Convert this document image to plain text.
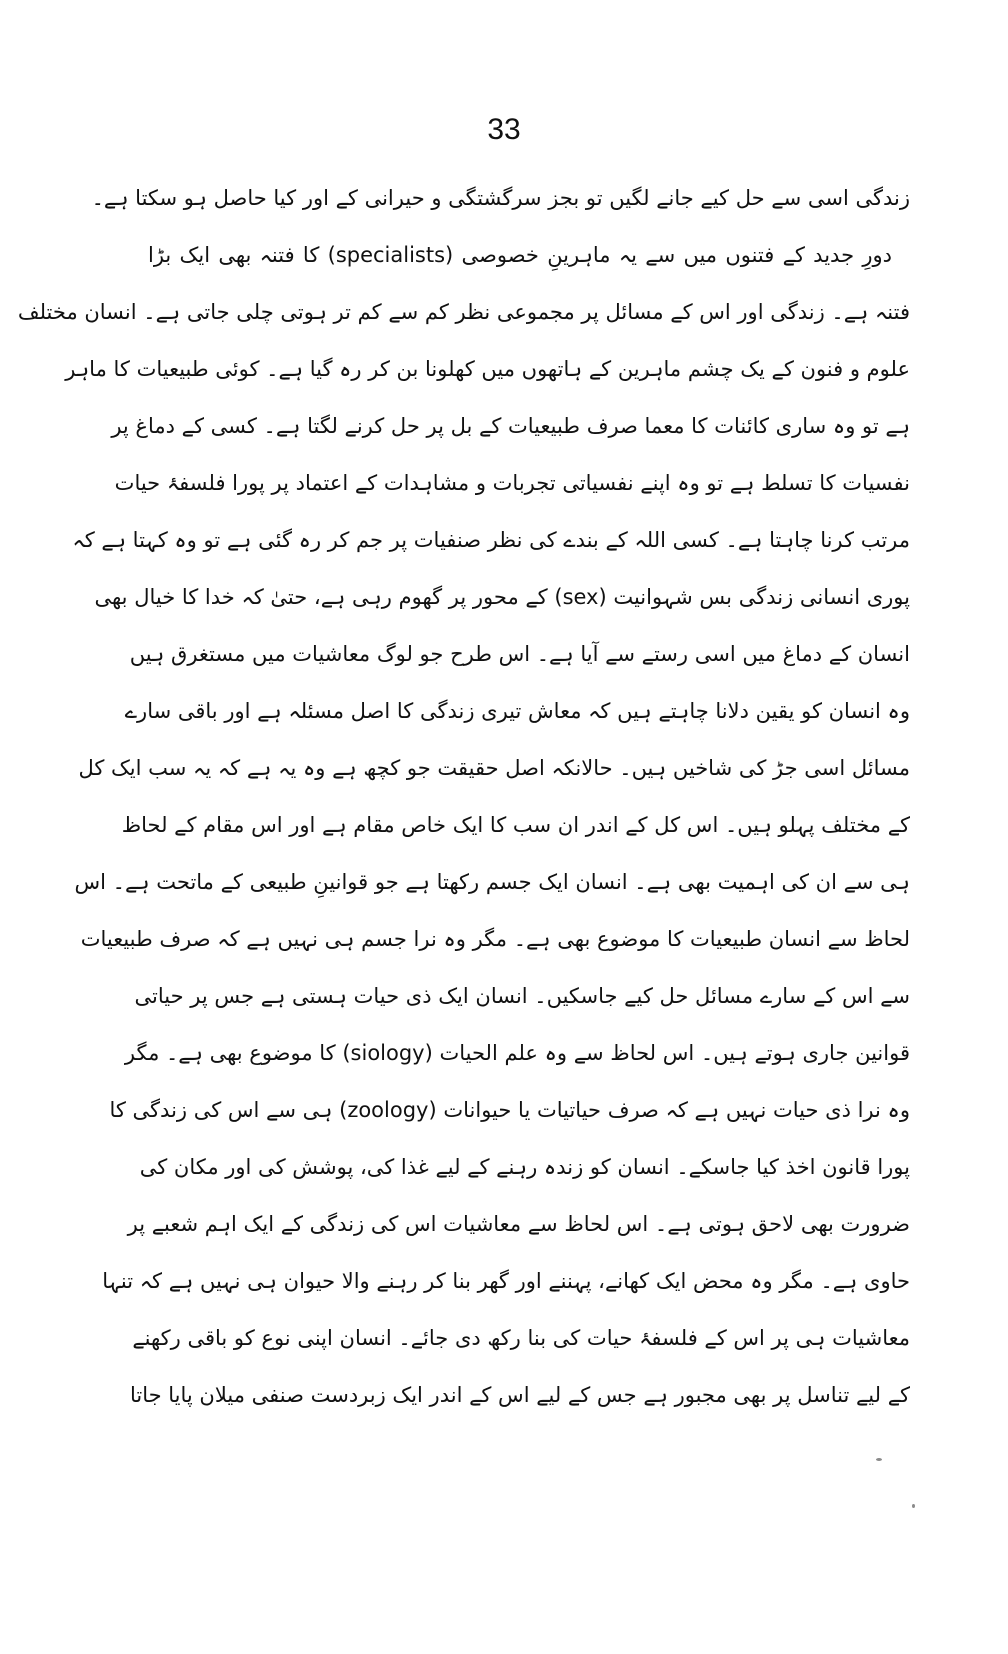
33
زندگی اسی سے حل کیے جانے لگیں تو بجز سرگشتگی و حیرانی کے اور کیا حاصل ہو سکتا ہے۔
دورِ جدید کے فتنوں میں سے یہ ماہرینِ خصوصی (specialists) کا فتنہ بھی ایک بڑا
فتنہ ہے۔ زندگی اور اس کے مسائل پر مجموعی نظر کم سے کم تر ہوتی چلی جاتی ہے۔ انسان مختلف
علوم و فنون کے یک چشم ماہرین کے ہاتھوں میں کھلونا بن کر رہ گیا ہے۔ کوئی طبیعیات کا ماہر
ہے تو وہ ساری کائنات کا معما صرف طبیعیات کے بل پر حل کرنے لگتا ہے۔ کسی کے دماغ پر
نفسیات کا تسلط ہے تو وہ اپنے نفسیاتی تجربات و مشاہدات کے اعتماد پر پورا فلسفۂ حیات
مرتب کرنا چاہتا ہے۔ کسی اللہ کے بندے کی نظر صنفیات پر جم کر رہ گئی ہے تو وہ کہتا ہے کہ
پوری انسانی زندگی بس شہوانیت (sex) کے محور پر گھوم رہی ہے، حتیٰ کہ خدا کا خیال بھی
انسان کے دماغ میں اسی رستے سے آیا ہے۔ اس طرح جو لوگ معاشیات میں مستغرق ہیں
وہ انسان کو یقین دلانا چاہتے ہیں کہ معاش تیری زندگی کا اصل مسئلہ ہے اور باقی سارے
مسائل اسی جڑ کی شاخیں ہیں۔ حالانکہ اصل حقیقت جو کچھ ہے وہ یہ ہے کہ یہ سب ایک کل
کے مختلف پہلو ہیں۔ اس کل کے اندر ان سب کا ایک خاص مقام ہے اور اس مقام کے لحاظ
ہی سے ان کی اہمیت بھی ہے۔ انسان ایک جسم رکھتا ہے جو قوانینِ طبیعی کے ماتحت ہے۔ اس
لحاظ سے انسان طبیعیات کا موضوع بھی ہے۔ مگر وہ نرا جسم ہی نہیں ہے کہ صرف طبیعیات
سے اس کے سارے مسائل حل کیے جاسکیں۔ انسان ایک ذی حیات ہستی ہے جس پر حیاتی
قوانین جاری ہوتے ہیں۔ اس لحاظ سے وہ علم الحیات (siology) کا موضوع بھی ہے۔ مگر
وہ نرا ذی حیات نہیں ہے کہ صرف حیاتیات یا حیوانات (zoology) ہی سے اس کی زندگی کا
پورا قانون اخذ کیا جاسکے۔ انسان کو زندہ رہنے کے لیے غذا کی، پوشش کی اور مکان کی
ضرورت بھی لاحق ہوتی ہے۔ اس لحاظ سے معاشیات اس کی زندگی کے ایک اہم شعبے پر
حاوی ہے۔ مگر وہ محض ایک کھانے، پہننے اور گھر بنا کر رہنے والا حیوان ہی نہیں ہے کہ تنہا
معاشیات ہی پر اس کے فلسفۂ حیات کی بنا رکھ دی جائے۔ انسان اپنی نوع کو باقی رکھنے
کے لیے تناسل پر بھی مجبور ہے جس کے لیے اس کے اندر ایک زبردست صنفی میلان پایا جاتا
